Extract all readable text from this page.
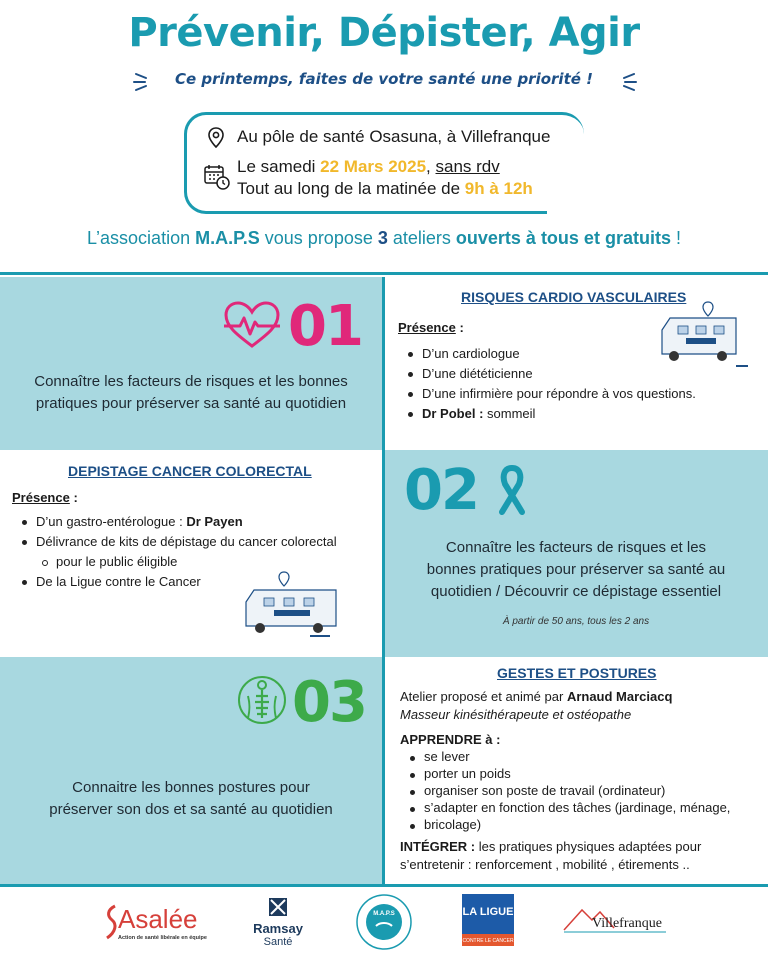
Prévenir, Dépister, Agir
Ce printemps, faites de votre santé une priorité !
Au pôle de santé Osasuna, à Villefranque
Le samedi 22 Mars 2025, sans rdv
Tout au long de la matinée de 9h à 12h
L’association M.A.P.S vous propose 3 ateliers ouverts à tous et gratuits !
01
Connaître les facteurs de risques et les bonnes
pratiques pour préserver sa santé au quotidien
RISQUES CARDIO VASCULAIRES
Présence :
D’un cardiologue
D’une diététicienne
D’une infirmière pour répondre à vos questions.
Dr Pobel : sommeil
DEPISTAGE CANCER COLORECTAL
Présence :
D’un gastro-entérologue : Dr Payen
Délivrance de kits de dépistage du cancer colorectal
pour le public éligible
De la Ligue contre le Cancer
02
Connaître les facteurs de risques et les
bonnes pratiques pour préserver sa santé au
quotidien / Découvrir ce dépistage essentiel
À partir de 50 ans, tous les 2 ans
03
Connaitre les bonnes postures pour
préserver son dos et sa santé au quotidien
GESTES ET POSTURES
Atelier proposé et animé par Arnaud Marciacq
Masseur kinésithérapeute et ostéopathe
APPRENDRE à :
se lever
porter un poids
organiser son poste de travail (ordinateur)
s’adapter en fonction des tâches (jardinage, ménage,
bricolage)
INTÉGRER : les pratiques physiques adaptées pour
s’entretenir : renforcement , mobilité , étirements ..
Asalée
Action de santé libérale en équipe
Ramsay
Santé
M.A.P.S	LA LIGUE
CONTRE LE CANCER
Villefranque
